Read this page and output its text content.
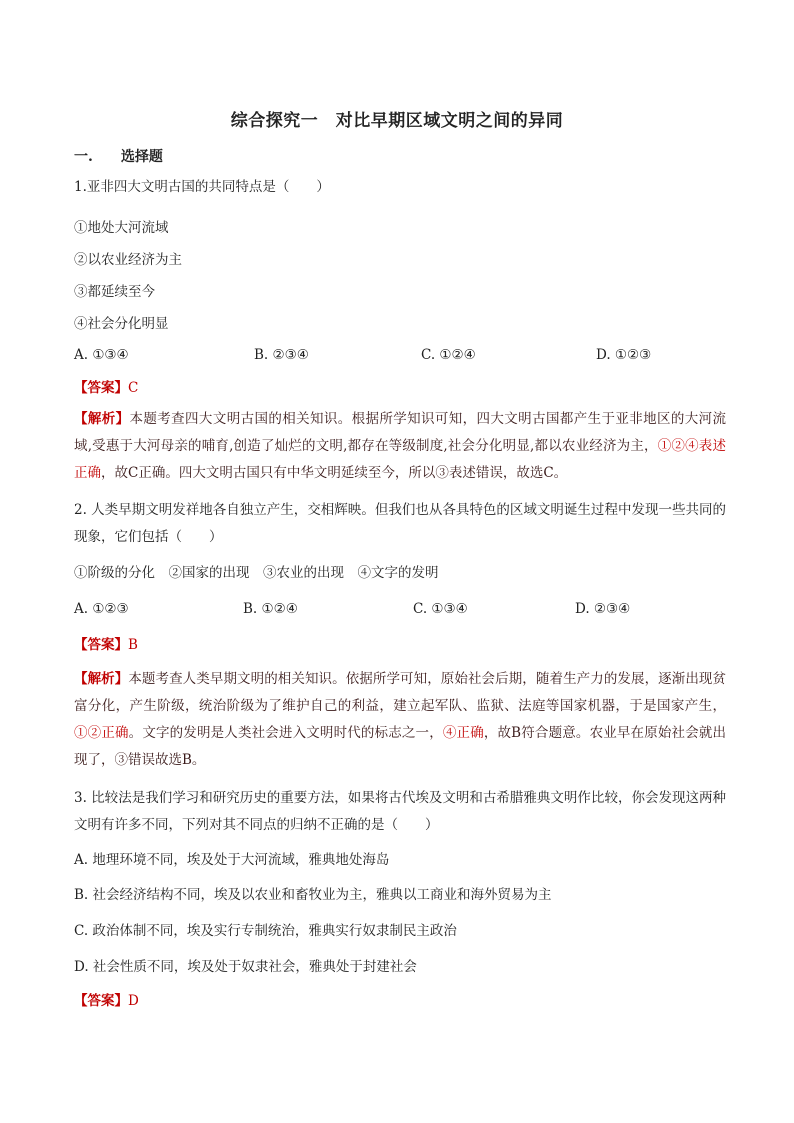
综合探究一　对比早期区域文明之间的异同
一.　　选择题
1.亚非四大文明古国的共同特点是（　　）
①地处大河流域
②以农业经济为主
③都延续至今
④社会分化明显
A. ①③④	B. ②③④	C. ①②④	D. ①②③
【答案】C
【解析】本题考查四大文明古国的相关知识。根据所学知识可知，四大文明古国都产生于亚非地区的大河流域,受惠于大河母亲的哺育,创造了灿烂的文明,都存在等级制度,社会分化明显,都以农业经济为主，①②④表述正确，故C正确。四大文明古国只有中华文明延续至今，所以③表述错误，故选C。
2. 人类早期文明发祥地各自独立产生，交相辉映。但我们也从各具特色的区域文明诞生过程中发现一些共同的现象，它们包括（　　）
①阶级的分化　②国家的出现　③农业的出现　④文字的发明
A. ①②③	B. ①②④	C. ①③④	D. ②③④
【答案】B
【解析】本题考查人类早期文明的相关知识。依据所学可知，原始社会后期，随着生产力的发展，逐渐出现贫富分化，产生阶级，统治阶级为了维护自己的利益，建立起军队、监狱、法庭等国家机器，于是国家产生，①②正确。文字的发明是人类社会进入文明时代的标志之一，④正确，故B符合题意。农业早在原始社会就出现了，③错误故选B。
3. 比较法是我们学习和研究历史的重要方法，如果将古代埃及文明和古希腊雅典文明作比较，你会发现这两种文明有许多不同，下列对其不同点的归纳不正确的是（　　）
A. 地理环境不同，埃及处于大河流域，雅典地处海岛
B. 社会经济结构不同，埃及以农业和畜牧业为主，雅典以工商业和海外贸易为主
C. 政治体制不同，埃及实行专制统治，雅典实行奴隶制民主政治
D. 社会性质不同，埃及处于奴隶社会，雅典处于封建社会
【答案】D
